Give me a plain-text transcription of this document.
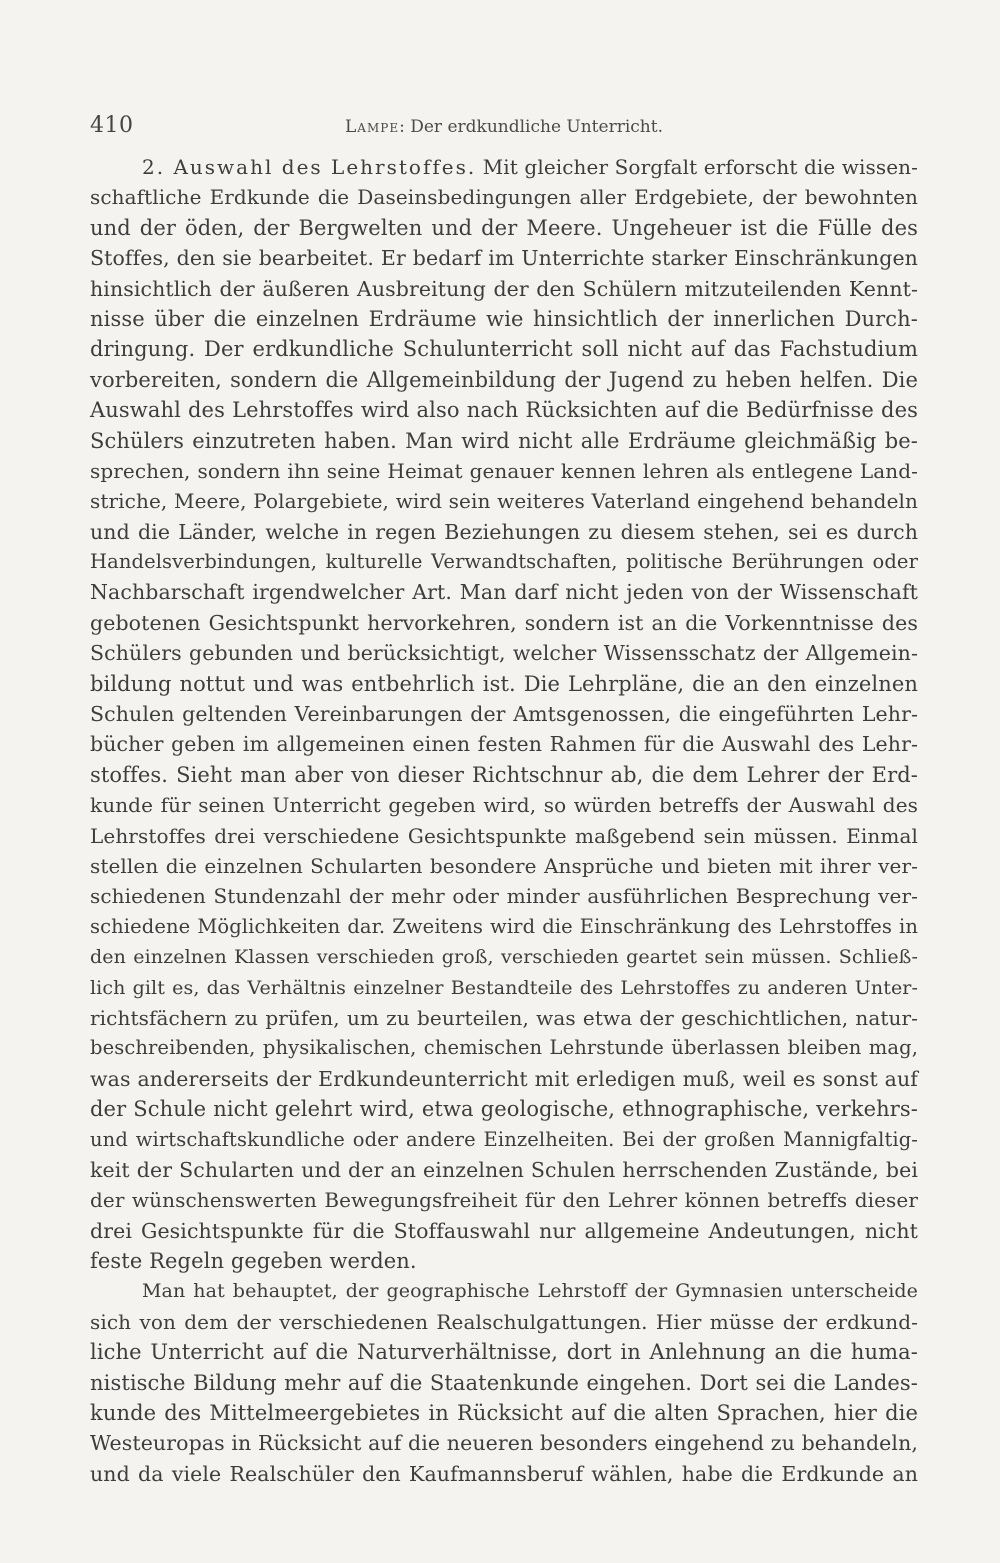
410	Lampe: Der erdkundliche Unterricht.
2. Auswahl des Lehrstoffes. Mit gleicher Sorgfalt erforscht die wissen-
schaftliche Erdkunde die Daseinsbedingungen aller Erdgebiete, der bewohnten
und der öden, der Bergwelten und der Meere. Ungeheuer ist die Fülle des
Stoffes, den sie bearbeitet. Er bedarf im Unterrichte starker Einschränkungen
hinsichtlich der äußeren Ausbreitung der den Schülern mitzuteilenden Kennt-
nisse über die einzelnen Erdräume wie hinsichtlich der innerlichen Durch-
dringung. Der erdkundliche Schulunterricht soll nicht auf das Fachstudium
vorbereiten, sondern die Allgemeinbildung der Jugend zu heben helfen. Die
Auswahl des Lehrstoffes wird also nach Rücksichten auf die Bedürfnisse des
Schülers einzutreten haben. Man wird nicht alle Erdräume gleichmäßig be-
sprechen, sondern ihn seine Heimat genauer kennen lehren als entlegene Land-
striche, Meere, Polargebiete, wird sein weiteres Vaterland eingehend behandeln
und die Länder, welche in regen Beziehungen zu diesem stehen, sei es durch
Handelsverbindungen, kulturelle Verwandtschaften, politische Berührungen oder
Nachbarschaft irgendwelcher Art. Man darf nicht jeden von der Wissenschaft
gebotenen Gesichtspunkt hervorkehren, sondern ist an die Vorkenntnisse des
Schülers gebunden und berücksichtigt, welcher Wissensschatz der Allgemein-
bildung nottut und was entbehrlich ist. Die Lehrpläne, die an den einzelnen
Schulen geltenden Vereinbarungen der Amtsgenossen, die eingeführten Lehr-
bücher geben im allgemeinen einen festen Rahmen für die Auswahl des Lehr-
stoffes. Sieht man aber von dieser Richtschnur ab, die dem Lehrer der Erd-
kunde für seinen Unterricht gegeben wird, so würden betreffs der Auswahl des
Lehrstoffes drei verschiedene Gesichtspunkte maßgebend sein müssen. Einmal
stellen die einzelnen Schularten besondere Ansprüche und bieten mit ihrer ver-
schiedenen Stundenzahl der mehr oder minder ausführlichen Besprechung ver-
schiedene Möglichkeiten dar. Zweitens wird die Einschränkung des Lehrstoffes in
den einzelnen Klassen verschieden groß, verschieden geartet sein müssen. Schließ-
lich gilt es, das Verhältnis einzelner Bestandteile des Lehrstoffes zu anderen Unter-
richtsfächern zu prüfen, um zu beurteilen, was etwa der geschichtlichen, natur-
beschreibenden, physikalischen, chemischen Lehrstunde überlassen bleiben mag,
was andererseits der Erdkundeunterricht mit erledigen muß, weil es sonst auf
der Schule nicht gelehrt wird, etwa geologische, ethnographische, verkehrs-
und wirtschaftskundliche oder andere Einzelheiten. Bei der großen Mannigfaltig-
keit der Schularten und der an einzelnen Schulen herrschenden Zustände, bei
der wünschenswerten Bewegungsfreiheit für den Lehrer können betreffs dieser
drei Gesichtspunkte für die Stoffauswahl nur allgemeine Andeutungen, nicht
feste Regeln gegeben werden.
Man hat behauptet, der geographische Lehrstoff der Gymnasien unterscheide
sich von dem der verschiedenen Realschulgattungen. Hier müsse der erdkund-
liche Unterricht auf die Naturverhältnisse, dort in Anlehnung an die huma-
nistische Bildung mehr auf die Staatenkunde eingehen. Dort sei die Landes-
kunde des Mittelmeergebietes in Rücksicht auf die alten Sprachen, hier die
Westeuropas in Rücksicht auf die neueren besonders eingehend zu behandeln,
und da viele Realschüler den Kaufmannsberuf wählen, habe die Erdkunde an
